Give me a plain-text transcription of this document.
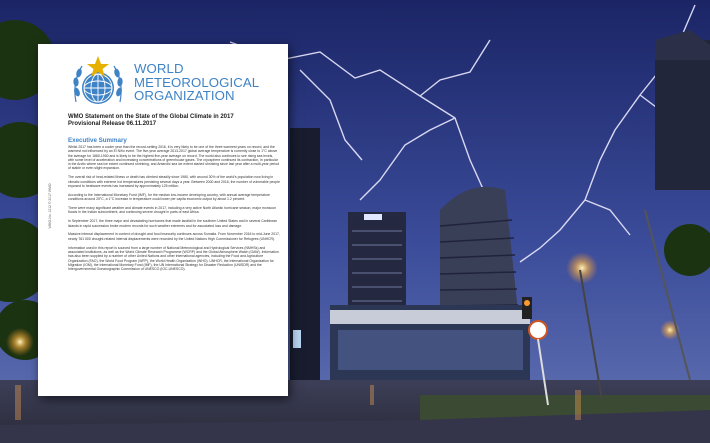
WMO-No. 1212 © 2017 WMO
WORLD
METEOROLOGICAL
ORGANIZATION
WMO Statement on the State of the Global Climate in 2017
Provisional Release 06.11.2017
Executive Summary

Whilst 2017 has been a cooler year than the record-setting 2016, it is very likely to be one of the three warmest years on record, and the warmest not influenced by an El Niño event. The five-year average 2013-2017 global average temperature is currently close to 1°C above the average for 1880-1900 and is likely to be the highest five-year average on record. The world also continues to see rising sea levels, with some level of acceleration and increasing concentrations of greenhouse gases. The cryosphere continued its contraction, in particular in the Arctic where sea ice extent continued shrinking, and Antarctic sea ice extent started shrinking since last year after a multi-year period of stable or even slight expansion.

The overall risk of heat-related illness or death has climbed steadily since 1980, with around 30% of the world's population now living in climatic conditions with extreme hot temperatures persisting several days a year. Between 2000 and 2016, the number of vulnerable people exposed to heatwave events has increased by approximately 125 million.

According to the International Monetary Fund (IMF), for the median low-income developing country, with annual average temperature conditions around 25°C, a 1°C increase in temperature could lower per capita economic output by about 1.2 percent.

There were many significant weather and climate events in 2017, including a very active North Atlantic hurricane season, major monsoon floods in the Indian subcontinent, and continuing severe drought in parts of east Africa.

In September 2017, the three major and devastating hurricanes that made landfall in the southern United States and in several Caribbean islands in rapid succession broke modern records for such weather extremes and for associated loss and damage.

Massive internal displacement in context of drought and food insecurity continues across Somalia. From November 2016 to mid-June 2017, nearly 761 000 drought-related internal displacements were recorded by the United Nations High Commissioner for Refugees (UNHCR).

Information used in this report is sourced from a large number of National Meteorological and Hydrological Services (NMHSs) and associated institutions, as well as the World Climate Research Programme (WCRP) and the Global Atmosphere Watch (GAW). Information has also been supplied by a number of other United Nations and other international agencies, including the Food and Agriculture Organization (FAO), the World Food Program (WFP), the World Health Organization (WHO), UNHCR, the International Organization for Migration (IOM), the International Monetary Fund (IMF), the UN International Strategy for Disaster Reduction (UNISDR) and the Intergovernmental Oceanographic Commission of UNESCO (IOC-UNESCO).
